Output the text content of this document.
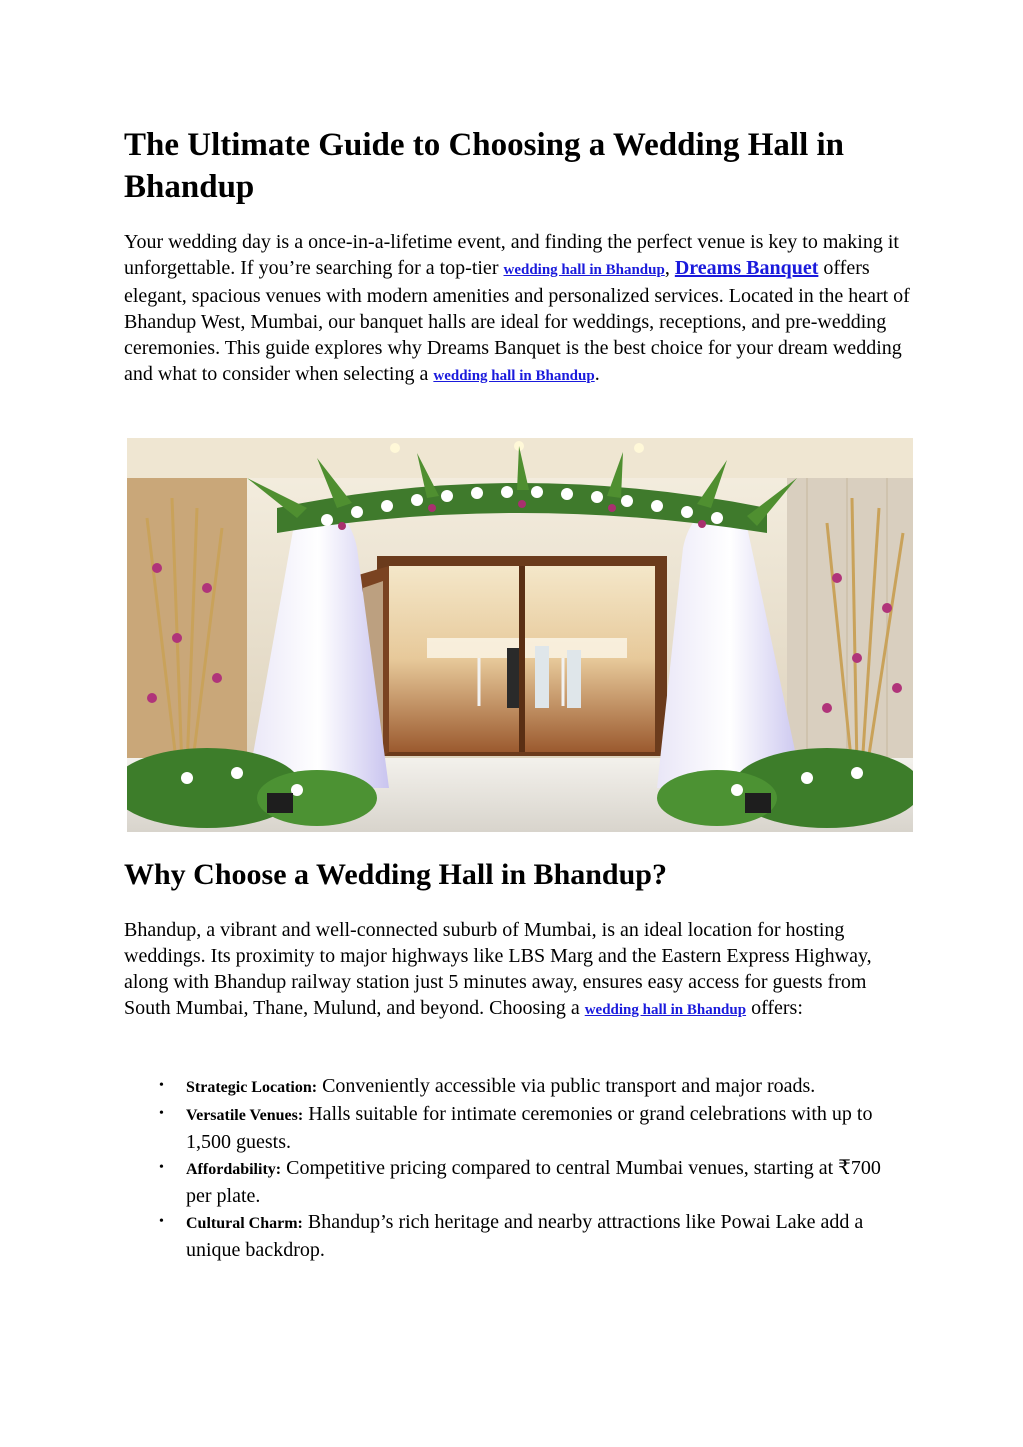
The Ultimate Guide to Choosing a Wedding Hall in Bhandup

Your wedding day is a once-in-a-lifetime event, and finding the perfect venue is key to making it unforgettable. If you’re searching for a top-tier wedding hall in Bhandup, Dreams Banquet offers elegant, spacious venues with modern amenities and personalized services. Located in the heart of Bhandup West, Mumbai, our banquet halls are ideal for weddings, receptions, and pre-wedding ceremonies. This guide explores why Dreams Banquet is the best choice for your dream wedding and what to consider when selecting a wedding hall in Bhandup.

Why Choose a Wedding Hall in Bhandup?

Bhandup, a vibrant and well-connected suburb of Mumbai, is an ideal location for hosting weddings. Its proximity to major highways like LBS Marg and the Eastern Express Highway, along with Bhandup railway station just 5 minutes away, ensures easy access for guests from South Mumbai, Thane, Mulund, and beyond. Choosing a wedding hall in Bhandup offers:

• Strategic Location: Conveniently accessible via public transport and major roads.
• Versatile Venues: Halls suitable for intimate ceremonies or grand celebrations with up to 1,500 guests.
• Affordability: Competitive pricing compared to central Mumbai venues, starting at ₹700 per plate.
• Cultural Charm: Bhandup’s rich heritage and nearby attractions like Powai Lake add a unique backdrop.
